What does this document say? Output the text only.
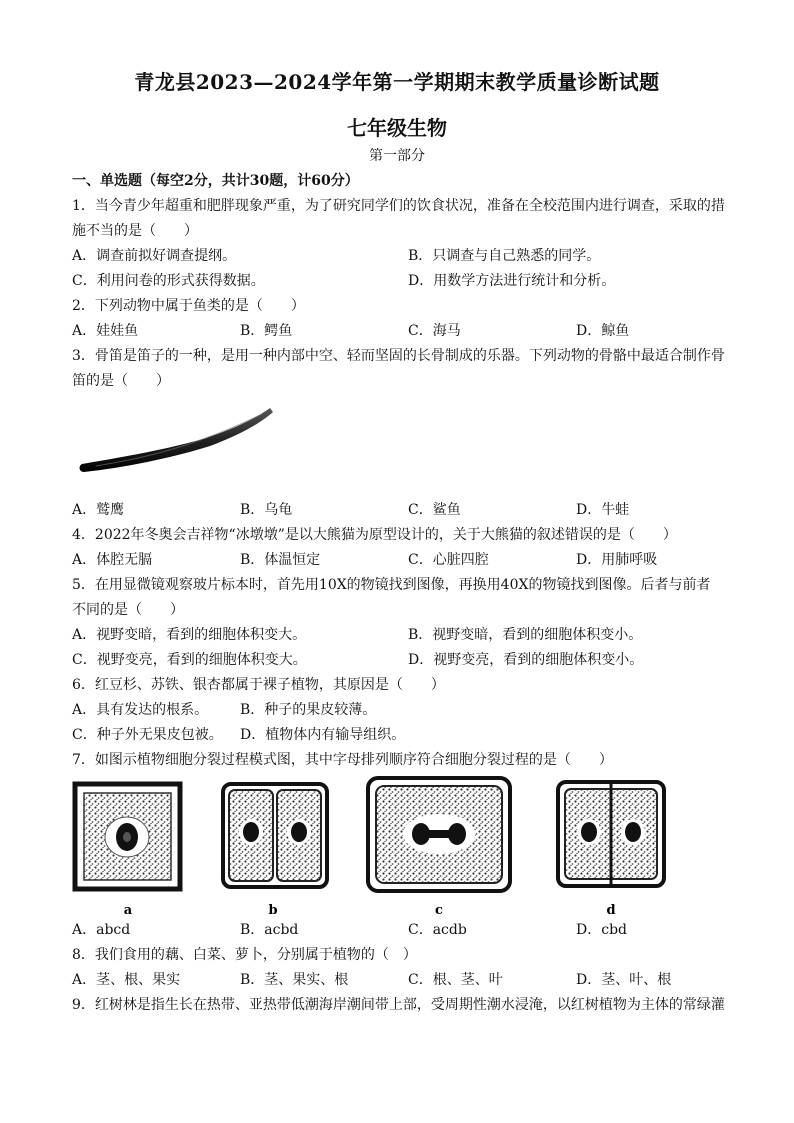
青龙县2023—2024学年第一学期期末教学质量诊断试题
七年级生物
第一部分
一、单选题（每空2分，共计30题，计60分）
1．当今青少年超重和肥胖现象严重，为了研究同学们的饮食状况，准备在全校范围内进行调查，采取的措
施不当的是（　　）
A．调查前拟好调查提纲。	B．只调查与自己熟悉的同学。
C．利用问卷的形式获得数据。	D．用数学方法进行统计和分析。
2．下列动物中属于鱼类的是（　　）
A．娃娃鱼	B．鳄鱼	C．海马	D．鲸鱼
3．骨笛是笛子的一种，是用一种内部中空、轻而坚固的长骨制成的乐器。下列动物的骨骼中最适合制作骨
笛的是（　　）
A．鹫鹰	B．乌龟	C．鲨鱼	D．牛蛙
4．2022年冬奥会吉祥物“冰墩墩”是以大熊猫为原型设计的，关于大熊猫的叙述错误的是（　　）
A．体腔无膈	B．体温恒定	C．心脏四腔	D．用肺呼吸
5．在用显微镜观察玻片标本时，首先用10X的物镜找到图像，再换用40X的物镜找到图像。后者与前者
不同的是（　　）
A．视野变暗，看到的细胞体积变大。	B．视野变暗，看到的细胞体积变小。
C．视野变亮，看到的细胞体积变大。	D．视野变亮，看到的细胞体积变小。
6．红豆杉、苏铁、银杏都属于裸子植物，其原因是（　　）
A．具有发达的根系。 B．种子的果皮较薄。
C．种子外无果皮包被。 D．植物体内有输导组织。
7．如图示植物细胞分裂过程模式图，其中字母排列顺序符合细胞分裂过程的是（　　）
a	b	c	d
A．abcd	B．acbd	C．acdb	D．cbd
8．我们食用的藕、白菜、萝卜，分别属于植物的（　）
A．茎、根、果实	B．茎、果实、根	C．根、茎、叶	D．茎、叶、根
9．红树林是指生长在热带、亚热带低潮海岸潮间带上部，受周期性潮水浸淹，以红树植物为主体的常绿灌
